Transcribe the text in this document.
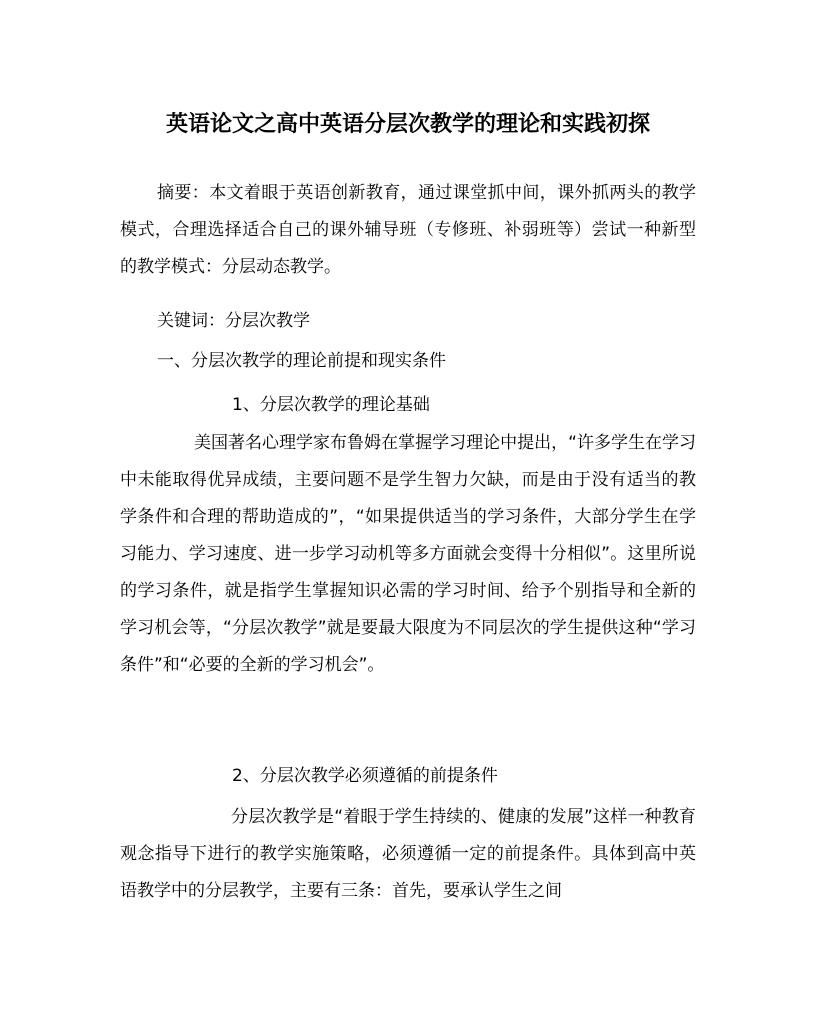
英语论文之高中英语分层次教学的理论和实践初探
摘要：本文着眼于英语创新教育，通过课堂抓中间，课外抓两头的教学模式，合理选择适合自己的课外辅导班（专修班、补弱班等）尝试一种新型的教学模式：分层动态教学。
关键词：分层次教学
一、分层次教学的理论前提和现实条件
1、分层次教学的理论基础
美国著名心理学家布鲁姆在掌握学习理论中提出，“许多学生在学习中未能取得优异成绩，主要问题不是学生智力欠缺，而是由于没有适当的教学条件和合理的帮助造成的”，“如果提供适当的学习条件，大部分学生在学习能力、学习速度、进一步学习动机等多方面就会变得十分相似”。这里所说的学习条件，就是指学生掌握知识必需的学习时间、给予个别指导和全新的学习机会等，“分层次教学”就是要最大限度为不同层次的学生提供这种“学习条件”和“必要的全新的学习机会”。
2、分层次教学必须遵循的前提条件
分层次教学是“着眼于学生持续的、健康的发展”这样一种教育观念指导下进行的教学实施策略，必须遵循一定的前提条件。具体到高中英语教学中的分层教学，主要有三条：首先，要承认学生之间
